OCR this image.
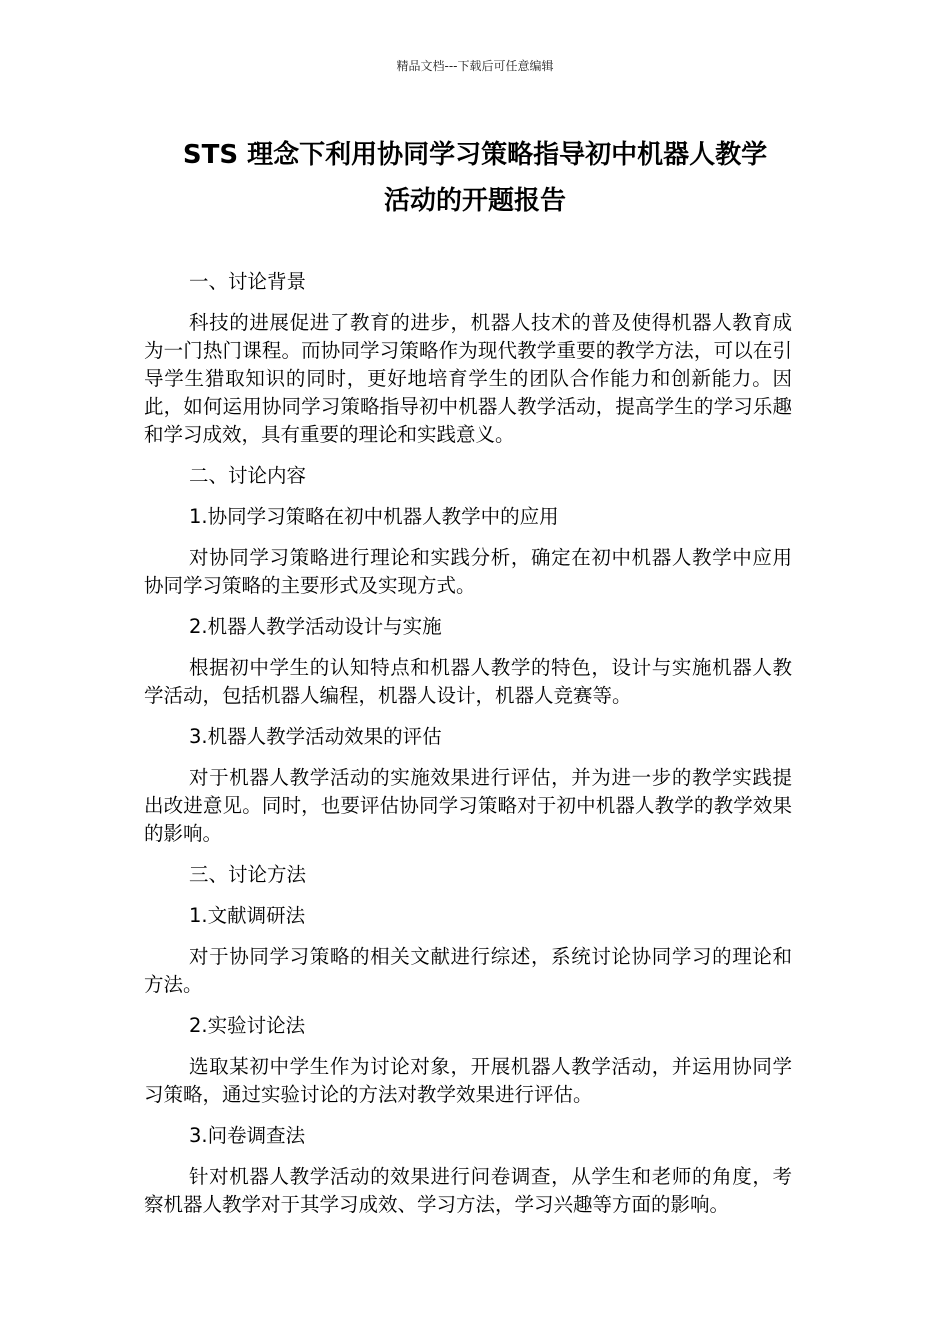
精品文档---下载后可任意编辑
STS 理念下利用协同学习策略指导初中机器人教学
活动的开题报告

一、讨论背景

科技的进展促进了教育的进步，机器人技术的普及使得机器人教育成为一门热门课程。而协同学习策略作为现代教学重要的教学方法，可以在引导学生猎取知识的同时，更好地培育学生的团队合作能力和创新能力。因此，如何运用协同学习策略指导初中机器人教学活动，提高学生的学习乐趣和学习成效，具有重要的理论和实践意义。

二、讨论内容

1.协同学习策略在初中机器人教学中的应用

对协同学习策略进行理论和实践分析，确定在初中机器人教学中应用协同学习策略的主要形式及实现方式。

2.机器人教学活动设计与实施

根据初中学生的认知特点和机器人教学的特色，设计与实施机器人教学活动，包括机器人编程，机器人设计，机器人竞赛等。

3.机器人教学活动效果的评估

对于机器人教学活动的实施效果进行评估，并为进一步的教学实践提出改进意见。同时，也要评估协同学习策略对于初中机器人教学的教学效果的影响。

三、讨论方法

1.文献调研法

对于协同学习策略的相关文献进行综述，系统讨论协同学习的理论和方法。

2.实验讨论法

选取某初中学生作为讨论对象，开展机器人教学活动，并运用协同学习策略，通过实验讨论的方法对教学效果进行评估。

3.问卷调查法

针对机器人教学活动的效果进行问卷调查，从学生和老师的角度，考察机器人教学对于其学习成效、学习方法，学习兴趣等方面的影响。
